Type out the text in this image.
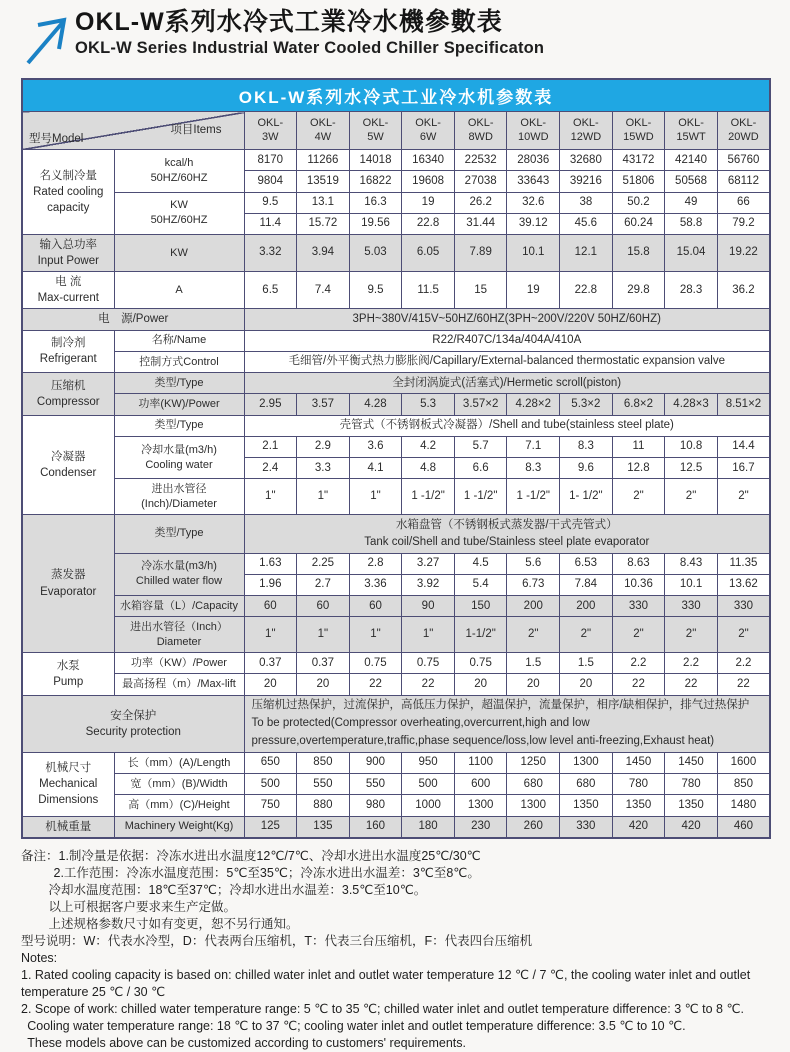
OKL-W系列水冷式工業冷水機參數表
OKL-W Series Industrial Water Cooled Chiller Specificaton
OKL-W系列水冷式工业冷水机参数表											

型号Model
项目Items

OKL-
3W

OKL-
4W

OKL-
5W

OKL-
6W

OKL-
8WD

OKL-
10WD

OKL-
12WD

OKL-
15WD

OKL-
15WT

OKL-
20WD

名义制冷量
Rated cooling
capacity

kcal/h
50HZ/60HZ
	8170	11266	14018	16340	22532	28036	32680	43172	42140	56760
		9804	13519	16822	19608	27038	33643	39216	51806	50568	68112

	KW
50HZ/60HZ	9.5	13.1	16.3	19	26.2	32.6	38	50.2	49	66
		11.4	15.72	19.56	22.8	31.44	39.12	45.6	60.24	58.8	79.2

输入总功率
Input Power	KW	3.32	3.94	5.03	6.05	7.89	10.1	12.1	15.8	15.04	19.22

电 流
Max-current	A	6.5	7.4	9.5	11.5	15	19	22.8	29.8	28.3	36.2

电　源/Power		3PH~380V/415V~50HZ/60HZ(3PH~200V/220V 50HZ/60HZ)									

制冷剂
Refrigerant	名称/Name	R22/R407C/134a/404A/410A									

	控制方式Control	毛细管/外平衡式热力膨胀阀/Capillary/External-balanced thermostatic expansion valve									

压缩机
Compressor	类型/Type	全封闭涡旋式(活塞式)/Hermetic scroll(piston)									

	功率(KW)/Power	2.95	3.57	4.28	5.3	3.57×2	4.28×2	5.3×2	6.8×2	4.28×3	8.51×2

冷凝器
Condenser	类型/Type	壳管式（不锈钢板式冷凝器）/Shell and tube(stainless steel plate)									

	冷却水量(m3/h)
Cooling water	2.1	2.9	3.6	4.2	5.7	7.1	8.3	11	10.8	14.4
		2.4	3.3	4.1	4.8	6.6	8.3	9.6	12.8	12.5	16.7

	进出水管径
(Inch)/Diameter	1"	1"	1"	1 -1/2"	1 -1/2"	1 -1/2"	1- 1/2"	2"	2"	2"

蒸发器
Evaporator

类型/Type

水箱盘管（不锈钢板式蒸发器/干式壳管式）
Tank coil/Shell and tube/Stainless steel plate evaporator

	冷冻水量(m3/h)
Chilled water flow	1.63	2.25	2.8	3.27	4.5	5.6	6.53	8.63	8.43	11.35
		1.96	2.7	3.36	3.92	5.4	6.73	7.84	10.36	10.1	13.62

	水箱容量（L）/Capacity	60	60	60	90	150	200	200	330	330	330

	进出水管径（Inch）
Diameter	1"	1"	1"	1"	1-1/2"	2"	2"	2"	2"	2"

水泵
Pump	功率（KW）/Power	0.37	0.37	0.75	0.75	0.75	1.5	1.5	2.2	2.2	2.2

	最高扬程（m）/Max-lift	20	20	22	22	20	20	20	22	22	22

安全保护
Security protection

压缩机过热保护，过流保护，高低压力保护，超温保护，流量保护，相序/缺相保护，排气过热保护
To be protected(Compressor overheating,overcurrent,high and low
pressure,overtemperature,traffic,phase sequence/loss,low level anti-freezing,Exhaust heat)

机械尺寸
Mechanical
Dimensions	长（mm）(A)/Length	650	850	900	950	1100	1250	1300	1450	1450	1600

	宽（mm）(B)/Width	500	550	550	500	600	680	680	780	780	850

	高（mm）(C)/Height	750	880	980	1000	1300	1300	1350	1350	1350	1480

机械重量	Machinery Weight(Kg)	125	135	160	180	230	260	330	420	420	460
备注：1.制冷量是依据：冷冻水进出水温度12℃/7℃、冷却水进出水温度25℃/30℃
2.工作范围：冷冻水温度范围：5℃至35℃；冷冻水进出水温差：3℃至8℃。
冷却水温度范围：18℃至37℃；冷却水进出水温差：3.5℃至10℃。
以上可根据客户要求来生产定做。
上述规格参数尺寸如有变更，恕不另行通知。
型号说明：W：代表水冷型，D：代表两台压缩机，T：代表三台压缩机，F：代表四台压缩机
Notes:
1. Rated cooling capacity is based on: chilled water inlet and outlet water temperature 12 ℃ / 7 ℃, the cooling water inlet and outlet
temperature 25 ℃ / 30 ℃
2. Scope of work: chilled water temperature range: 5 ℃ to 35 ℃; chilled water inlet and outlet temperature difference: 3 ℃ to 8 ℃.
Cooling water temperature range: 18 ℃ to 37 ℃; cooling water inlet and outlet temperature difference: 3.5 ℃ to 10 ℃.
These models above can be customized according to customers' requirements.
